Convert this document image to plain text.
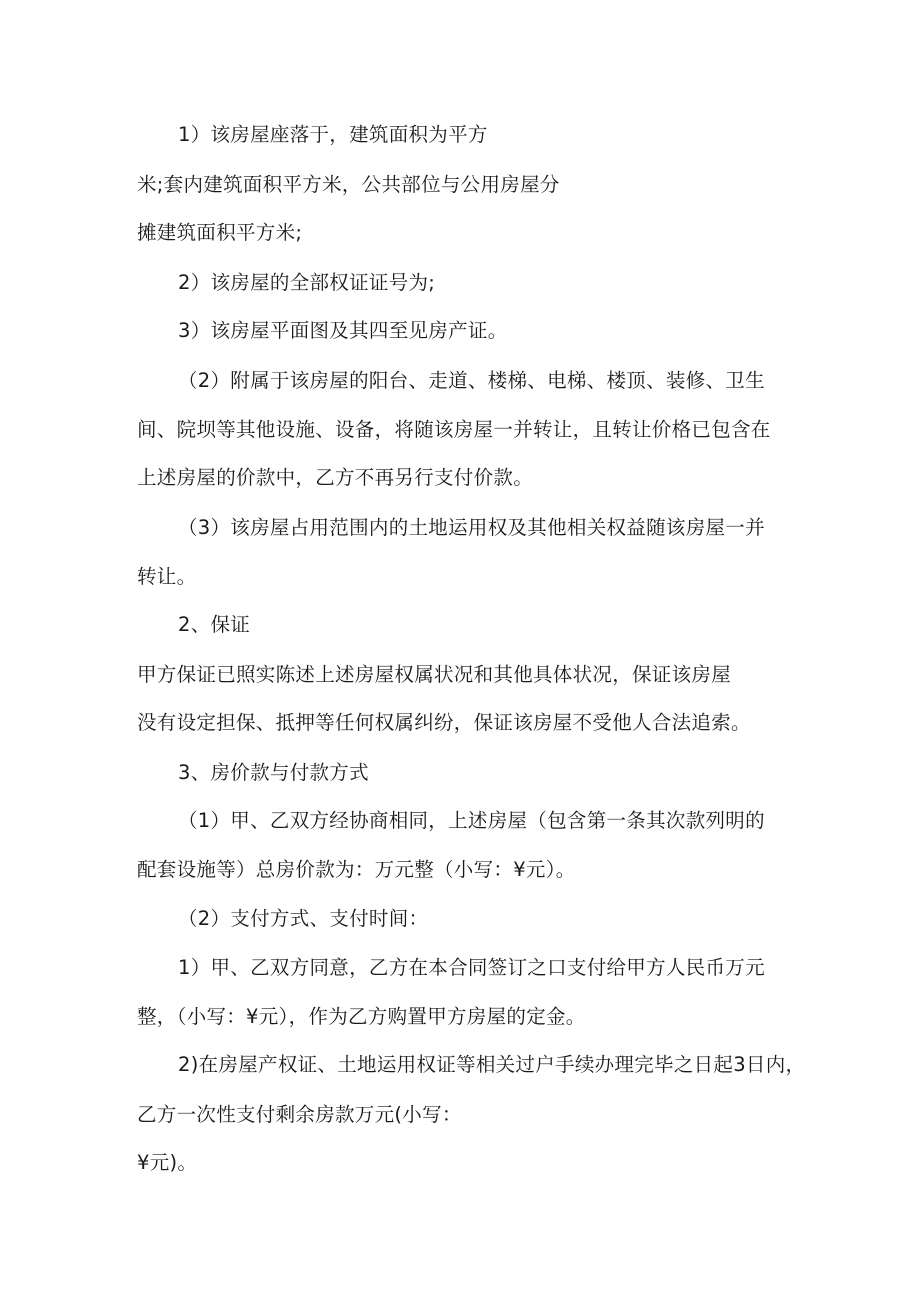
1）该房屋座落于，建筑面积为平方
米;套内建筑面积平方米，公共部位与公用房屋分
摊建筑面积平方米;
2）该房屋的全部权证证号为;
3）该房屋平面图及其四至见房产证。
（2）附属于该房屋的阳台、走道、楼梯、电梯、楼顶、装修、卫生
间、院坝等其他设施、设备，将随该房屋一并转让，且转让价格已包含在
上述房屋的价款中，乙方不再另行支付价款。
（3）该房屋占用范围内的土地运用权及其他相关权益随该房屋一并
转让。
2、保证
甲方保证已照实陈述上述房屋权属状况和其他具体状况，保证该房屋
没有设定担保、抵押等任何权属纠纷，保证该房屋不受他人合法追索。
3、房价款与付款方式
（1）甲、乙双方经协商相同，上述房屋（包含第一条其次款列明的
配套设施等）总房价款为：万元整（小写：¥元）。
（2）支付方式、支付时间：
1）甲、乙双方同意，乙方在本合同签订之口支付给甲方人民币万元
整，（小写：¥元），作为乙方购置甲方房屋的定金。
2)在房屋产权证、土地运用权证等相关过户手续办理完毕之日起3日内，
乙方一次性支付剩余房款万元(小写：
¥元)。
